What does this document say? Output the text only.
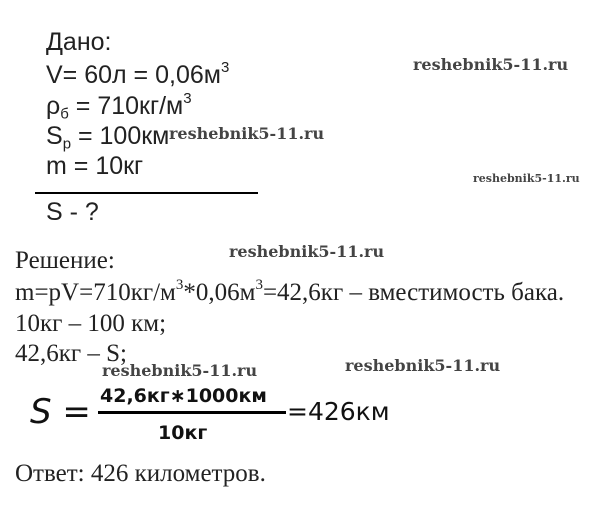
Дано:
$V= 60л = 0,06м^3$
$\rho_б = 710кг/м^3$
$S_р = 100км$
m = 10кг
S - ?
Решение:
$m=pV=710кг/м^3*0,06м^3=42,6кг$ – вместимость бака.
10кг – 100 км;
42,6кг – S;
S = 42,6кг∗1000км
10кг
=426км
Ответ: 426 километров.
reshebnik5-11.ru
reshebnik5-11.ru
reshebnik5-11.ru
reshebnik5-11.ru
reshebnik5-11.ru	reshebnik5-11.ru
